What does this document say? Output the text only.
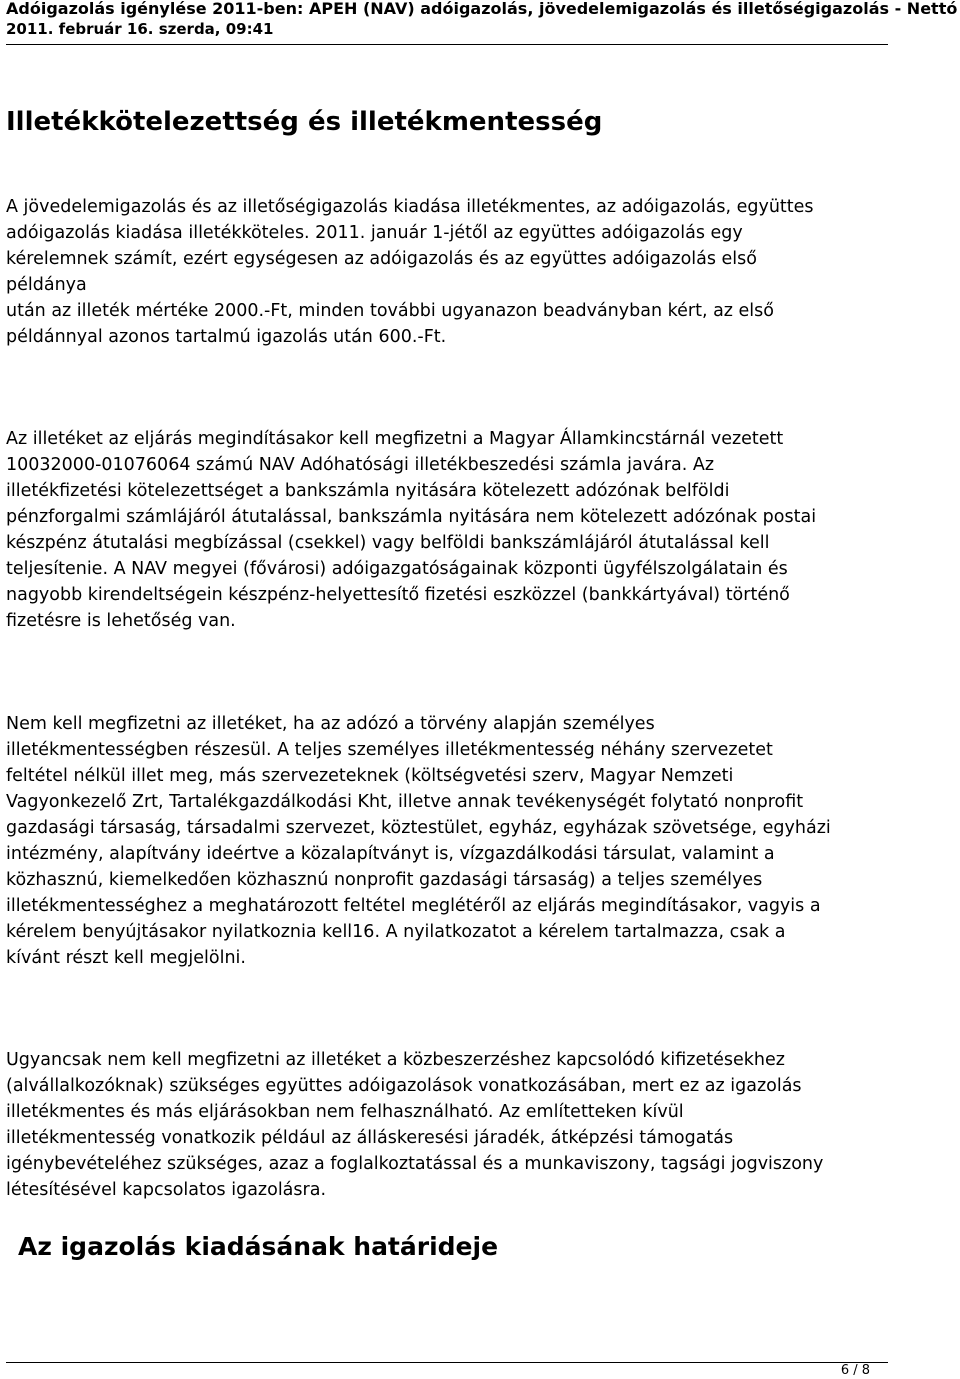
Adóigazolás igénylése 2011-ben: APEH (NAV) adóigazolás, jövedelemigazolás és illetőségigazolás - Nettó
2011. február 16. szerda, 09:41
Illetékkötelezettség és illetékmentesség

A jövedelemigazolás és az illetőségigazolás kiadása illetékmentes, az adóigazolás, együttes
adóigazolás kiadása illetékköteles. 2011. január 1-jétől az együttes adóigazolás egy
kérelemnek számít, ezért egységesen az adóigazolás és az együttes adóigazolás első
példánya
után az illeték mértéke 2000.-Ft, minden további ugyanazon beadványban kért, az első
példánnyal azonos tartalmú igazolás után 600.-Ft.

Az illetéket az eljárás megindításakor kell megfizetni a Magyar Államkincstárnál vezetett
10032000-01076064 számú NAV Adóhatósági illetékbeszedési számla javára. Az
illetékfizetési kötelezettséget a bankszámla nyitására kötelezett adózónak belföldi
pénzforgalmi számlájáról átutalással, bankszámla nyitására nem kötelezett adózónak postai
készpénz átutalási megbízással (csekkel) vagy belföldi bankszámlájáról átutalással kell
teljesítenie. A NAV megyei (fővárosi) adóigazgatóságainak központi ügyfélszolgálatain és
nagyobb kirendeltségein készpénz-helyettesítő fizetési eszközzel (bankkártyával) történő
fizetésre is lehetőség van.

Nem kell megfizetni az illetéket, ha az adózó a törvény alapján személyes
illetékmentességben részesül. A teljes személyes illetékmentesség néhány szervezetet
feltétel nélkül illet meg, más szervezeteknek (költségvetési szerv, Magyar Nemzeti
Vagyonkezelő Zrt, Tartalékgazdálkodási Kht, illetve annak tevékenységét folytató nonprofit
gazdasági társaság, társadalmi szervezet, köztestület, egyház, egyházak szövetsége, egyházi
intézmény, alapítvány ideértve a közalapítványt is, vízgazdálkodási társulat, valamint a
közhasznú, kiemelkedően közhasznú nonprofit gazdasági társaság) a teljes személyes
illetékmentességhez a meghatározott feltétel meglétéről az eljárás megindításakor, vagyis a
kérelem benyújtásakor nyilatkoznia kell16. A nyilatkozatot a kérelem tartalmazza, csak a
kívánt részt kell megjelölni.

Ugyancsak nem kell megfizetni az illetéket a közbeszerzéshez kapcsolódó kifizetésekhez
(alvállalkozóknak) szükséges együttes adóigazolások vonatkozásában, mert ez az igazolás
illetékmentes és más eljárásokban nem felhasználható. Az említetteken kívül
illetékmentesség vonatkozik például az álláskeresési járadék, átképzési támogatás
igénybevételéhez szükséges, azaz a foglalkoztatással és a munkaviszony, tagsági jogviszony
létesítésével kapcsolatos igazolásra.

Az igazolás kiadásának határideje
6 / 8
